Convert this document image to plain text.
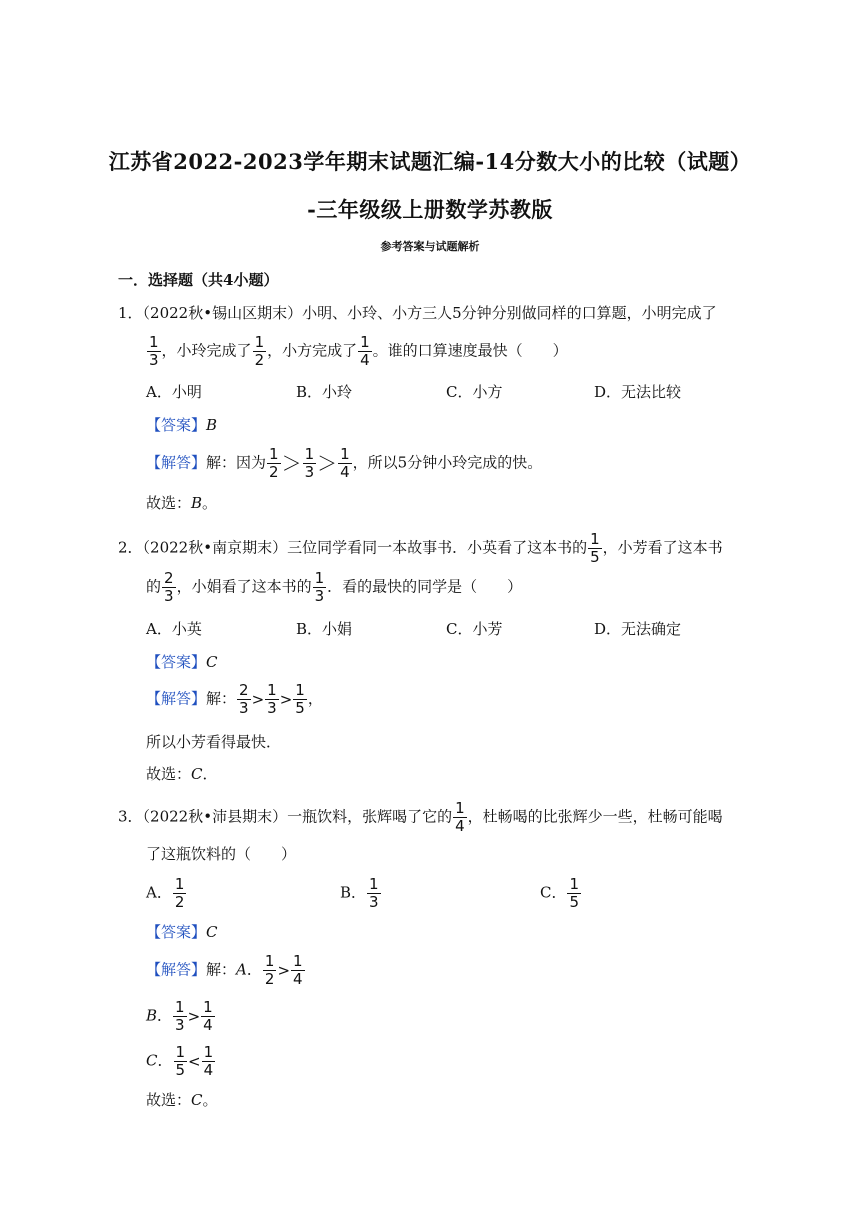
江苏省2022-2023学年期末试题汇编-14分数大小的比较（试题）
-三年级级上册数学苏教版
参考答案与试题解析
一．选择题（共4小题）
1．（2022秋•锡山区期末）小明、小玲、小方三人5分钟分别做同样的口算题，小明完成了
$\frac{1}{3}$ ，小玲完成了 $\frac{1}{2}$ ，小方完成了 $\frac{1}{4}$ 。谁的口算速度最快（　　）
A．小明	B．小玲	C．小方	D．无法比较
【答案】B
【解答】解：因为 $\frac{1}{2} > \frac{1}{3} > \frac{1}{4}$ ，所以5分钟小玲完成的快。
故选：B。
2．（2022秋•南京期末）三位同学看同一本故事书．小英看了这本书的 $\frac{1}{5}$ ，小芳看了这本书
的 $\frac{2}{3}$ ，小娟看了这本书的 $\frac{1}{3}$ ．看的最快的同学是（　　）
A．小英	B．小娟	C．小芳	D．无法确定
【答案】C
【解答】解： $\frac{2}{3} > \frac{1}{3} > \frac{1}{5}$ ，
所以小芳看得最快．
故选：C．
3．（2022秋•沛县期末）一瓶饮料，张辉喝了它的 $\frac{1}{4}$ ，杜畅喝的比张辉少一些，杜畅可能喝
了这瓶饮料的（　　）
A． $\frac{1}{2}$	B． $\frac{1}{3}$	C． $\frac{1}{5}$
【答案】C
【解答】解：A． $\frac{1}{2} > \frac{1}{4}$
B． $\frac{1}{3} > \frac{1}{4}$
C． $\frac{1}{5} < \frac{1}{4}$
故选：C。
